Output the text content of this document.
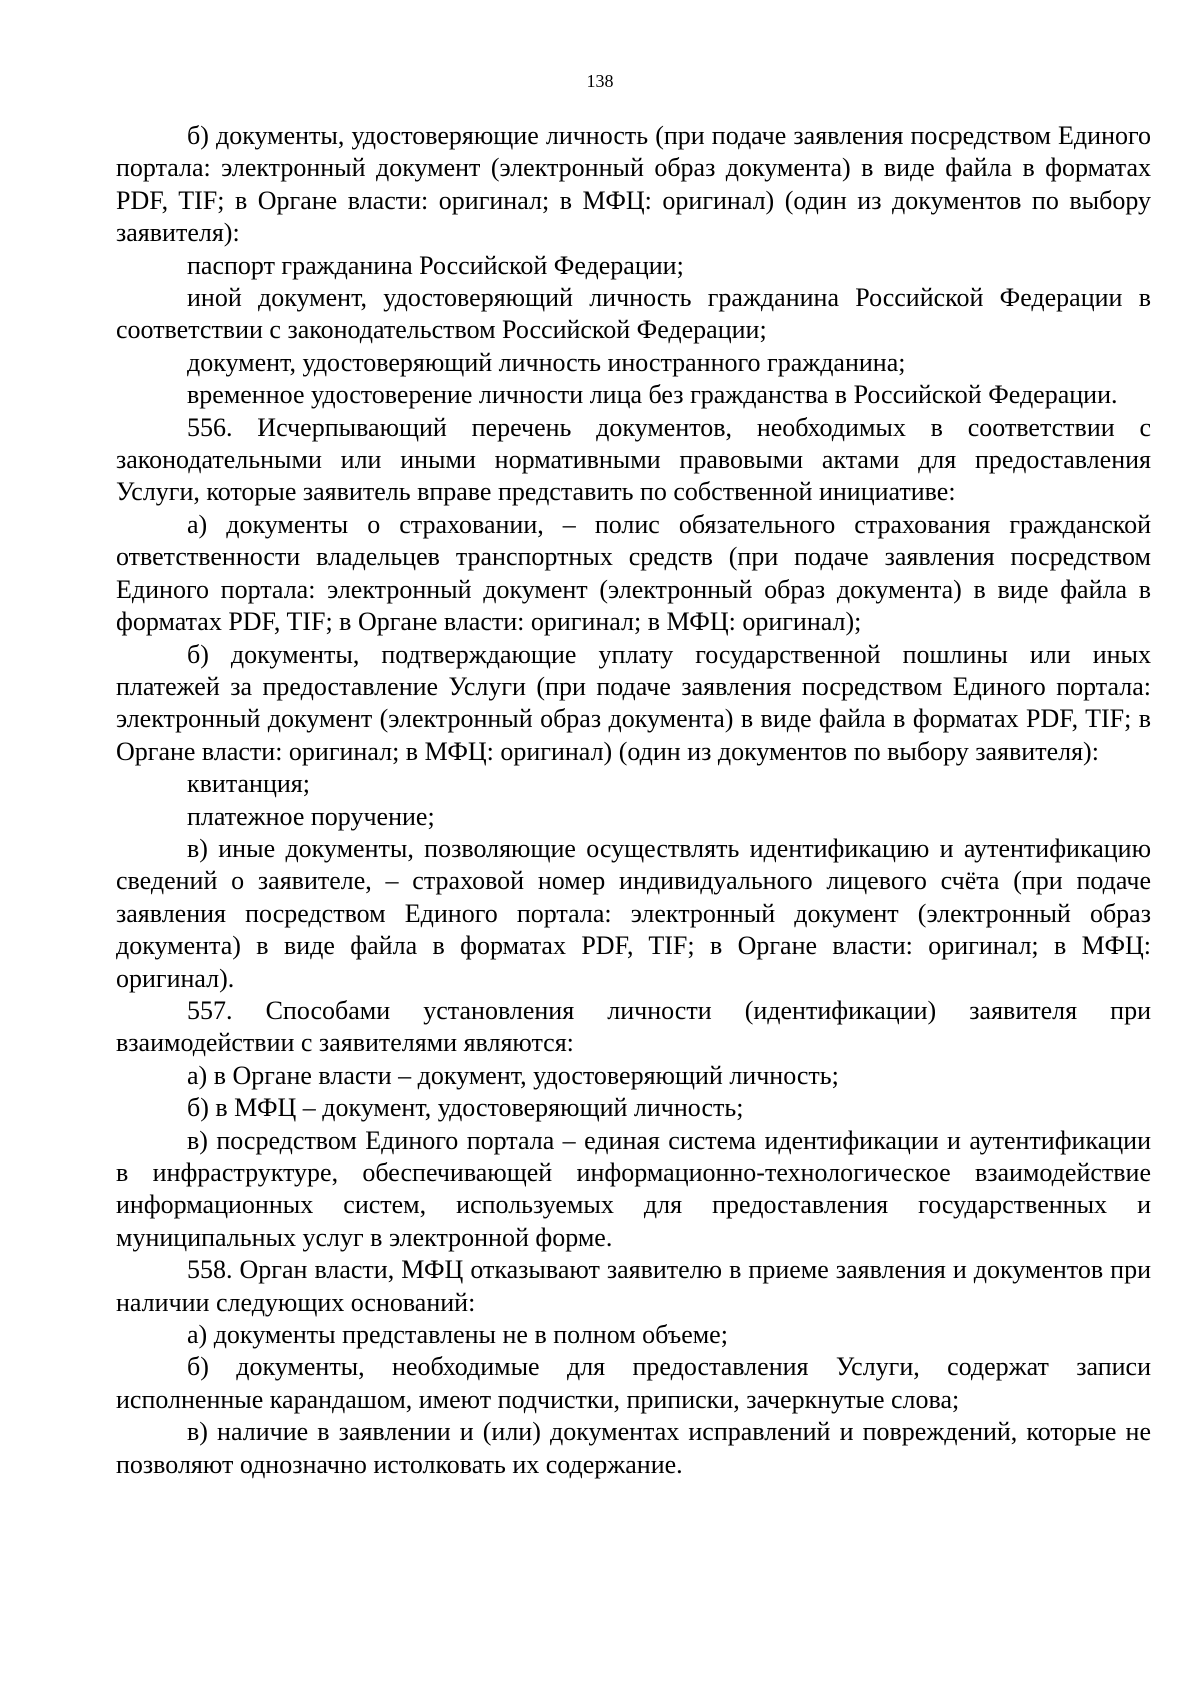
138

б) документы, удостоверяющие личность (при подаче заявления посредством Единого портала: электронный документ (электронный образ документа) в виде файла в форматах PDF, TIF; в Органе власти: оригинал; в МФЦ: оригинал) (один из документов по выбору заявителя):

паспорт гражданина Российской Федерации;

иной документ, удостоверяющий личность гражданина Российской Федерации в соответствии с законодательством Российской Федерации;

документ, удостоверяющий личность иностранного гражданина;

временное удостоверение личности лица без гражданства в Российской Федерации.

556. Исчерпывающий перечень документов, необходимых в соответствии с законодательными или иными нормативными правовыми актами для предоставления Услуги, которые заявитель вправе представить по собственной инициативе:

а) документы о страховании, – полис обязательного страхования гражданской ответственности владельцев транспортных средств (при подаче заявления посредством Единого портала: электронный документ (электронный образ документа) в виде файла в форматах PDF, TIF; в Органе власти: оригинал; в МФЦ: оригинал);

б) документы, подтверждающие уплату государственной пошлины или иных платежей за предоставление Услуги (при подаче заявления посредством Единого портала: электронный документ (электронный образ документа) в виде файла в форматах PDF, TIF; в Органе власти: оригинал; в МФЦ: оригинал) (один из документов по выбору заявителя):

квитанция;

платежное поручение;

в) иные документы, позволяющие осуществлять идентификацию и аутентификацию сведений о заявителе, – страховой номер индивидуального лицевого счёта (при подаче заявления посредством Единого портала: электронный документ (электронный образ документа) в виде файла в форматах PDF, TIF; в Органе власти: оригинал; в МФЦ: оригинал).

557. Способами установления личности (идентификации) заявителя при взаимодействии с заявителями являются:

а) в Органе власти – документ, удостоверяющий личность;

б) в МФЦ – документ, удостоверяющий личность;

в) посредством Единого портала – единая система идентификации и аутентификации в инфраструктуре, обеспечивающей информационно-технологическое взаимодействие информационных систем, используемых для предоставления государственных и муниципальных услуг в электронной форме.

558. Орган власти, МФЦ отказывают заявителю в приеме заявления и документов при наличии следующих оснований:

а) документы представлены не в полном объеме;

б) документы, необходимые для предоставления Услуги, содержат записи исполненные карандашом, имеют подчистки, приписки, зачеркнутые слова;

в) наличие в заявлении и (или) документах исправлений и повреждений, которые не позволяют однозначно истолковать их содержание.
